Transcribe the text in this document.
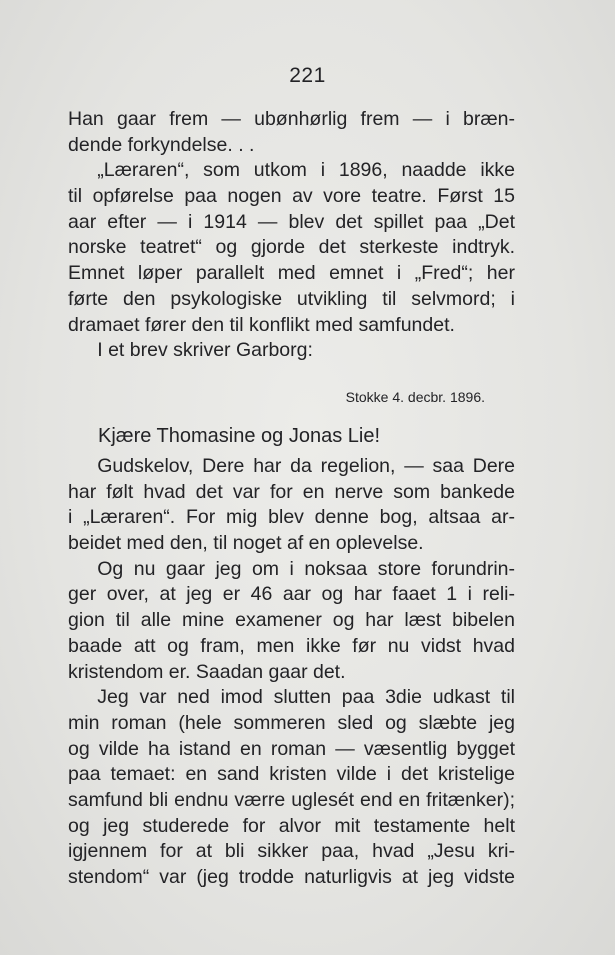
221
Han gaar frem — ubønhørlig frem — i bræn-
dende forkyndelse. . .
„Læraren“, som utkom i 1896, naadde ikke
til opførelse paa nogen av vore teatre. Først 15
aar efter — i 1914 — blev det spillet paa „Det
norske teatret“ og gjorde det sterkeste indtryk.
Emnet løper parallelt med emnet i „Fred“; her
førte den psykologiske utvikling til selvmord; i
dramaet fører den til konflikt med samfundet.
I et brev skriver Garborg:
Stokke 4. decbr. 1896.
Kjære Thomasine og Jonas Lie!
Gudskelov, Dere har da regelion, — saa Dere
har følt hvad det var for en nerve som bankede
i „Læraren“. For mig blev denne bog, altsaa ar-
beidet med den, til noget af en oplevelse.
Og nu gaar jeg om i noksaa store forundrin-
ger over, at jeg er 46 aar og har faaet 1 i reli-
gion til alle mine examener og har læst bibelen
baade att og fram, men ikke før nu vidst hvad
kristendom er. Saadan gaar det.
Jeg var ned imod slutten paa 3die udkast til
min roman (hele sommeren sled og slæbte jeg
og vilde ha istand en roman — væsentlig bygget
paa temaet: en sand kristen vilde i det kristelige
samfund bli endnu værre uglesét end en fritænker);
og jeg studerede for alvor mit testamente helt
igjennem for at bli sikker paa, hvad „Jesu kri-
stendom“ var (jeg trodde naturligvis at jeg vidste
